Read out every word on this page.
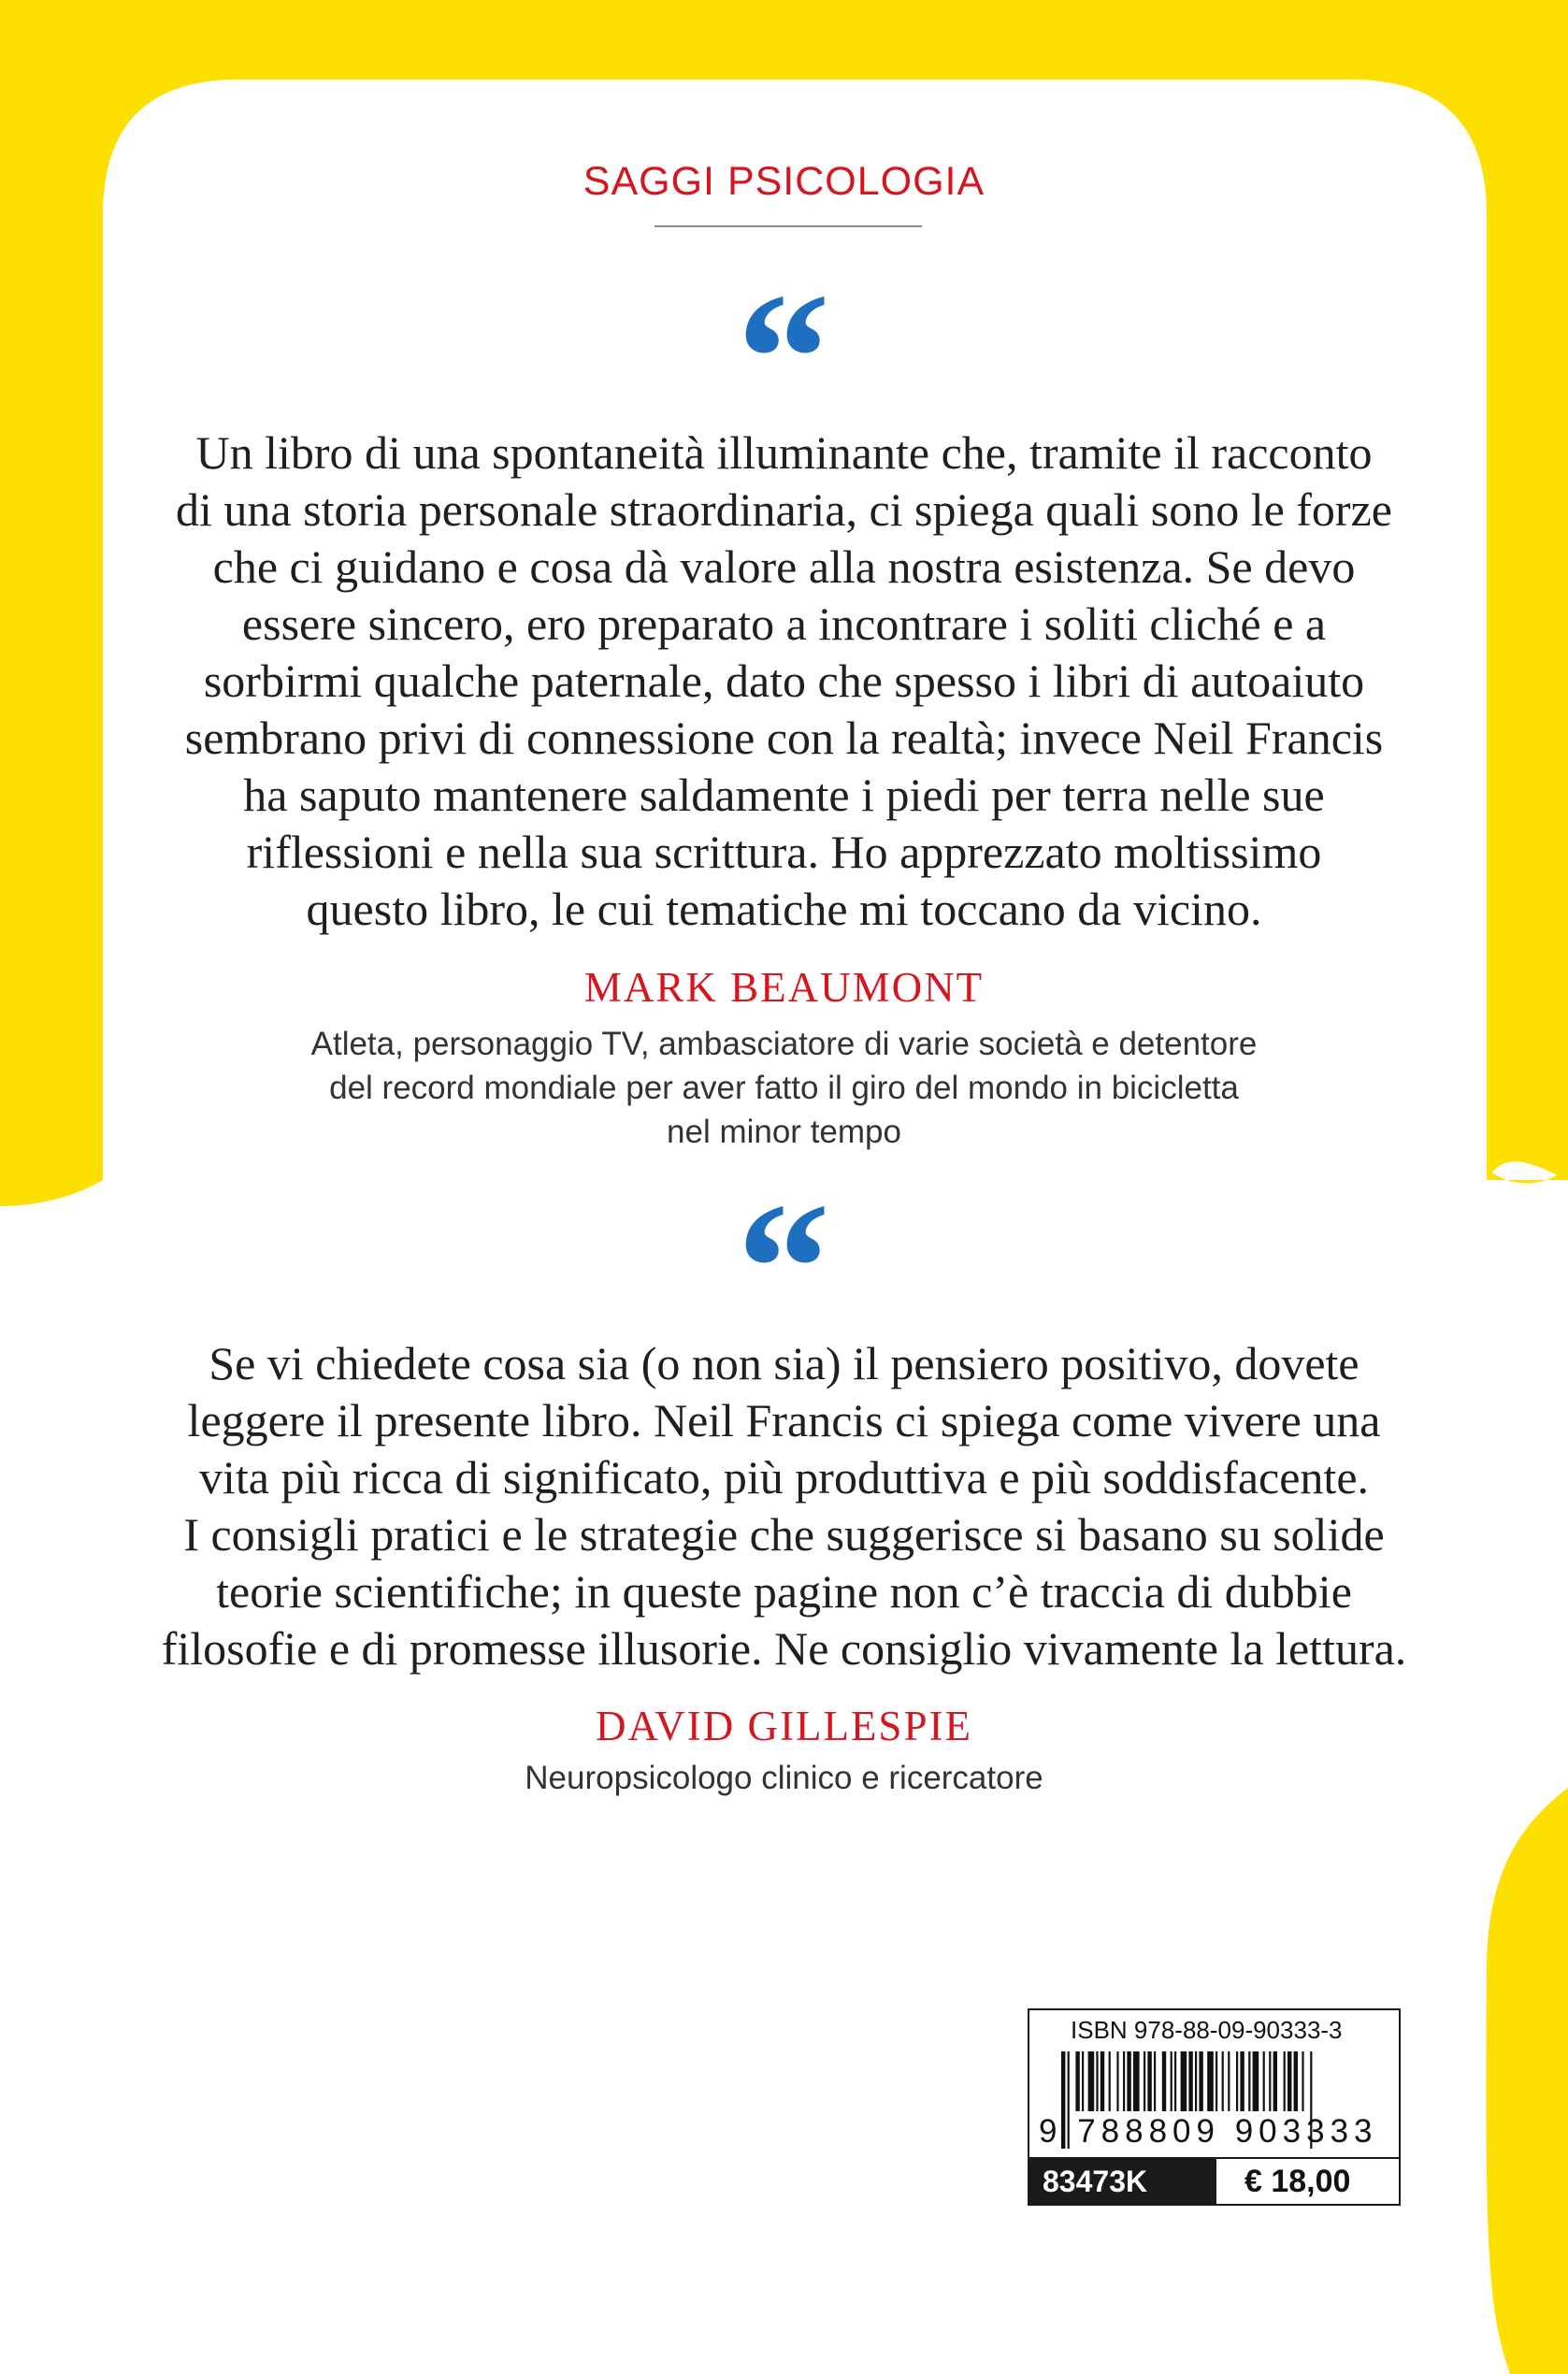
SAGGI PSICOLOGIA
“
Un libro di una spontaneità illuminante che, tramite il racconto
di una storia personale straordinaria, ci spiega quali sono le forze
che ci guidano e cosa dà valore alla nostra esistenza. Se devo
essere sincero, ero preparato a incontrare i soliti cliché e a
sorbirmi qualche paternale, dato che spesso i libri di autoaiuto
sembrano privi di connessione con la realtà; invece Neil Francis
ha saputo mantenere saldamente i piedi per terra nelle sue
riflessioni e nella sua scrittura. Ho apprezzato moltissimo
questo libro, le cui tematiche mi toccano da vicino.
MARK BEAUMONT
Atleta, personaggio TV, ambasciatore di varie società e detentore
del record mondiale per aver fatto il giro del mondo in bicicletta
nel minor tempo
“
Se vi chiedete cosa sia (o non sia) il pensiero positivo, dovete
leggere il presente libro. Neil Francis ci spiega come vivere una
vita più ricca di significato, più produttiva e più soddisfacente.
I consigli pratici e le strategie che suggerisce si basano su solide
teorie scientifiche; in queste pagine non c’è traccia di dubbie
filosofie e di promesse illusorie. Ne consiglio vivamente la lettura.
DAVID GILLESPIE
Neuropsicologo clinico e ricercatore
ISBN 978-88-09-90333-3
9 788809 903333
83473K	€ 18,00
